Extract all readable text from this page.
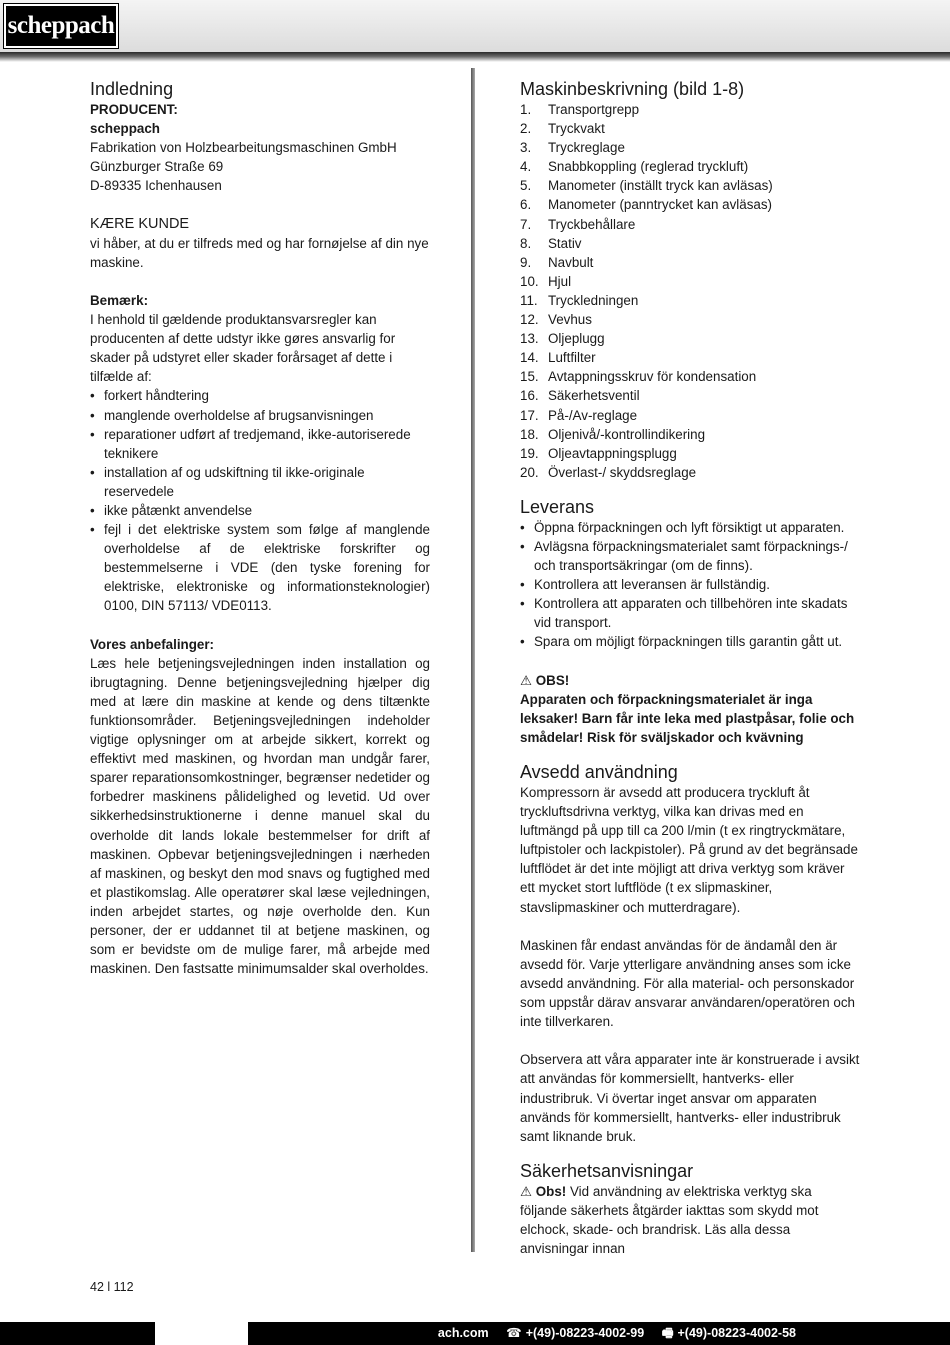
scheppach
Indledning

PRODUCENT:

scheppach

Fabrikation von Holzbearbeitungsmaschinen GmbH

Günzburger Straße 69

D-89335 Ichenhausen

KÆRE KUNDE

vi håber, at du er tilfreds med og har fornøjelse af din nye maskine.

Bemærk:

I henhold til gældende produktansvarsregler kan producenten af dette udstyr ikke gøres ansvarlig for skader på udstyret eller skader forårsaget af dette i tilfælde af:

• forkert håndtering
• manglende overholdelse af brugsanvisningen
• reparationer udført af tredjemand, ikke-autoriserede teknikere
• installation af og udskiftning til ikke-originale reservedele
• ikke påtænkt anvendelse
• fejl i det elektriske system som følge af manglende overholdelse af de elektriske forskrifter og bestemmelserne i VDE (den tyske forening for elektriske, elektroniske og informationsteknologier) 0100, DIN 57113/ VDE0113.

Vores anbefalinger:

Læs hele betjeningsvejledningen inden installation og ibrugtagning. Denne betjeningsvejledning hjælper dig med at lære din maskine at kende og dens tiltænkte funktionsområder. Betjeningsvejledningen indeholder vigtige oplysninger om at arbejde sikkert, korrekt og effektivt med maskinen, og hvordan man undgår farer, sparer reparationsomkostninger, begrænser nedetider og forbedrer maskinens pålidelighed og levetid. Ud over sikkerhedsinstruktionerne i denne manuel skal du overholde dit lands lokale bestemmelser for drift af maskinen. Opbevar betjeningsvejledningen i nærheden af maskinen, og beskyt den mod snavs og fugtighed med et plastikomslag. Alle operatører skal læse vejledningen, inden arbejdet startes, og nøje overholde den. Kun personer, der er uddannet til at betjene maskinen, og som er bevidste om de mulige farer, må arbejde med maskinen. Den fastsatte minimumsalder skal overholdes.

Maskinbeskrivning (bild 1-8)
1.	Transportgrepp
2.	Tryckvakt
3.	Tryckreglage
4.	Snabbkoppling (reglerad tryckluft)
5.	Manometer (inställt tryck kan avläsas)
6.	Manometer (panntrycket kan avläsas)
7.	Tryckbehållare
8.	Stativ
9.	Navbult
10. Hjul
11. Tryckledningen
12. Vevhus
13. Oljeplugg
14. Luftfilter
15. Avtappningsskruv för kondensation
16. Säkerhetsventil
17. På-/Av-reglage
18. Oljenivå/-kontrollindikering
19. Oljeavtappningsplugg
20. Överlast-/ skyddsreglage
Leverans
• Öppna förpackningen och lyft försiktigt ut apparaten.
• Avlägsna förpackningsmaterialet samt förpacknings-/ och transportsäkringar (om de finns).
• Kontrollera att leveransen är fullständig.
• Kontrollera att apparaten och tillbehören inte skadats vid transport.
• Spara om möjligt förpackningen tills garantin gått ut.

⚠ OBS!

Apparaten och förpackningsmaterialet är inga leksaker! Barn får inte leka med plastpåsar, folie och smådelar! Risk för sväljskador och kvävning

Avsedd användning

Kompressorn är avsedd att producera tryckluft åt tryckluftsdrivna verktyg, vilka kan drivas med en luftmängd på upp till ca 200 l/min (t ex ringtryckmätare, luftpistoler och lackpistoler). På grund av det begränsade luftflödet är det inte möjligt att driva verktyg som kräver ett mycket stort luftflöde (t ex slipmaskiner, stavslipmaskiner och mutterdragare).

Maskinen får endast användas för de ändamål den är avsedd för. Varje ytterligare användning anses som icke avsedd användning. För alla material- och personskador som uppstår därav ansvarar användaren/operatören och inte tillverkaren.

Observera att våra apparater inte är konstruerade i avsikt att användas för kommersiellt, hantverks- eller industribruk. Vi övertar inget ansvar om apparaten används för kommersiellt, hantverks- eller industribruk samt liknande bruk.

Säkerhetsanvisningar

⚠ Obs! Vid användning av elektriska verktyg ska följande säkerhets åtgärder iakttas som skydd mot elchock, skade- och brandrisk. Läs alla dessa anvisningar innan

42 l 112
ach.com ☎ +(49)-08223-4002-99 🖷 +(49)-08223-4002-58
